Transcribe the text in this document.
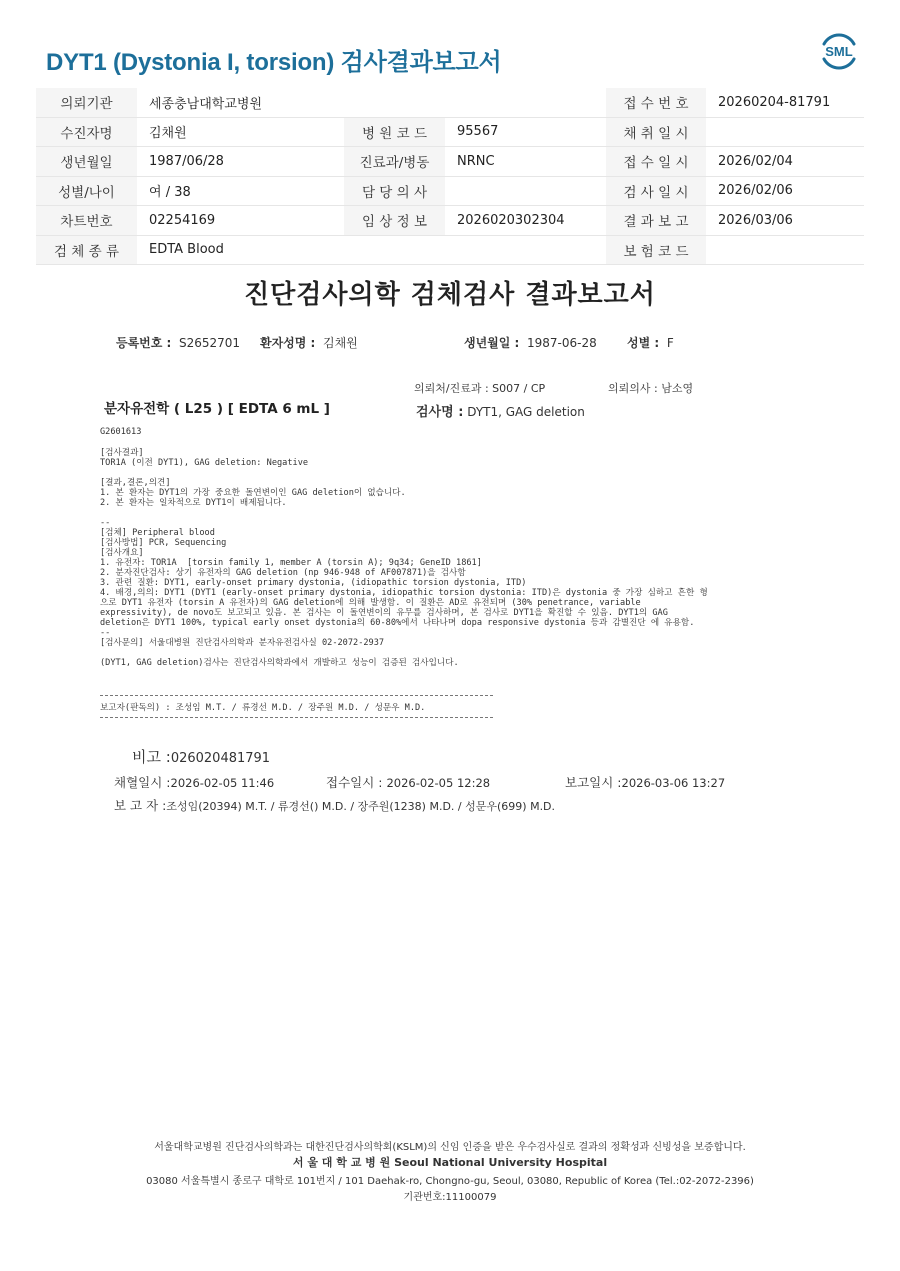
DYT1 (Dystonia I, torsion) 검사결과보고서	SML
의뢰기관	세종충남대학교병원			접 수 번 호	20260204-81791
수진자명	김채원	병 원 코 드	95567	채 취 일 시	
생년월일	1987/06/28	진료과/병동	NRNC	접 수 일 시	2026/02/04
성별/나이	여 / 38	담 당 의 사		검 사 일 시	2026/02/06
차트번호	02254169	임 상 정 보	2026020302304	결 과 보 고	2026/03/06
검 체 종 류	EDTA Blood			보 험 코 드	
진단검사의학 검체검사 결과보고서
등록번호 : S2652701 환자성명 : 김채원	생년월일 : 1987-06-28	성별 : F
의뢰처/진료과 : S007 / CP	의뢰의사 : 남소영
분자유전학 ( L25 ) [ EDTA 6 mL ]	검사명 : DYT1, GAG deletion
G2601613
[검사결과]
TOR1A (이전 DYT1), GAG deletion: Negative
[결과,결론,의견]
1. 본 환자는 DYT1의 가장 중요한 돌연변이인 GAG deletion이 없습니다.
2. 본 환자는 일차적으로 DYT1이 배제됩니다.
--
[검체] Peripheral blood
[검사방법] PCR, Sequencing
[검사개요]
1. 유전자: TOR1A  [torsin family 1, member A (torsin A); 9q34; GeneID 1861]
2. 분자진단검사: 상기 유전자의 GAG deletion (np 946-948 of AF007871)을 검사함
3. 관련 질환: DYT1, early-onset primary dystonia, (idiopathic torsion dystonia, ITD)
4. 배경,의의: DYT1 (DYT1 (early-onset primary dystonia, idiopathic torsion dystonia: ITD)은 dystonia 중 가장 심하고 흔한 형
으로 DYT1 유전자 (torsin A 유전자)의 GAG deletion에 의해 발생함. 이 질환은 AD로 유전되며 (30% penetrance, variable
expressivity), de novo도 보고되고 있음. 본 검사는 이 돌연변이의 유무를 검사하며, 본 검사로 DYT1을 확진할 수 있음. DYT1의 GAG
deletion은 DYT1 100%, typical early onset dystonia의 60-80%에서 나타나며 dopa responsive dystonia 등과 감별진단 에 유용함.
--
[검사문의] 서울대병원 진단검사의학과 분자유전검사실 02-2072-2937
(DYT1, GAG deletion)검사는 진단검사의학과에서 개발하고 성능이 검증된 검사입니다.
보고자(판독의) : 조성임 M.T. / 류경선 M.D. / 장주원 M.D. / 성문우 M.D.
비고 :026020481791
채혈일시 :2026-02-05 11:46	접수일시 : 2026-02-05 12:28	보고일시 :2026-03-06 13:27
보 고 자 :조성임(20394) M.T. / 류경선() M.D. / 장주원(1238) M.D. / 성문우(699) M.D.
서울대학교병원 진단검사의학과는 대한진단검사의학회(KSLM)의 신임 인증을 받은 우수검사실로 결과의 정확성과 신빙성을 보증합니다.
서 울 대 학 교 병 원 Seoul National University Hospital
03080 서울특별시 종로구 대학로 101번지 / 101 Daehak-ro, Chongno-gu, Seoul, 03080, Republic of Korea (Tel.:02-2072-2396)
기관번호:11100079
